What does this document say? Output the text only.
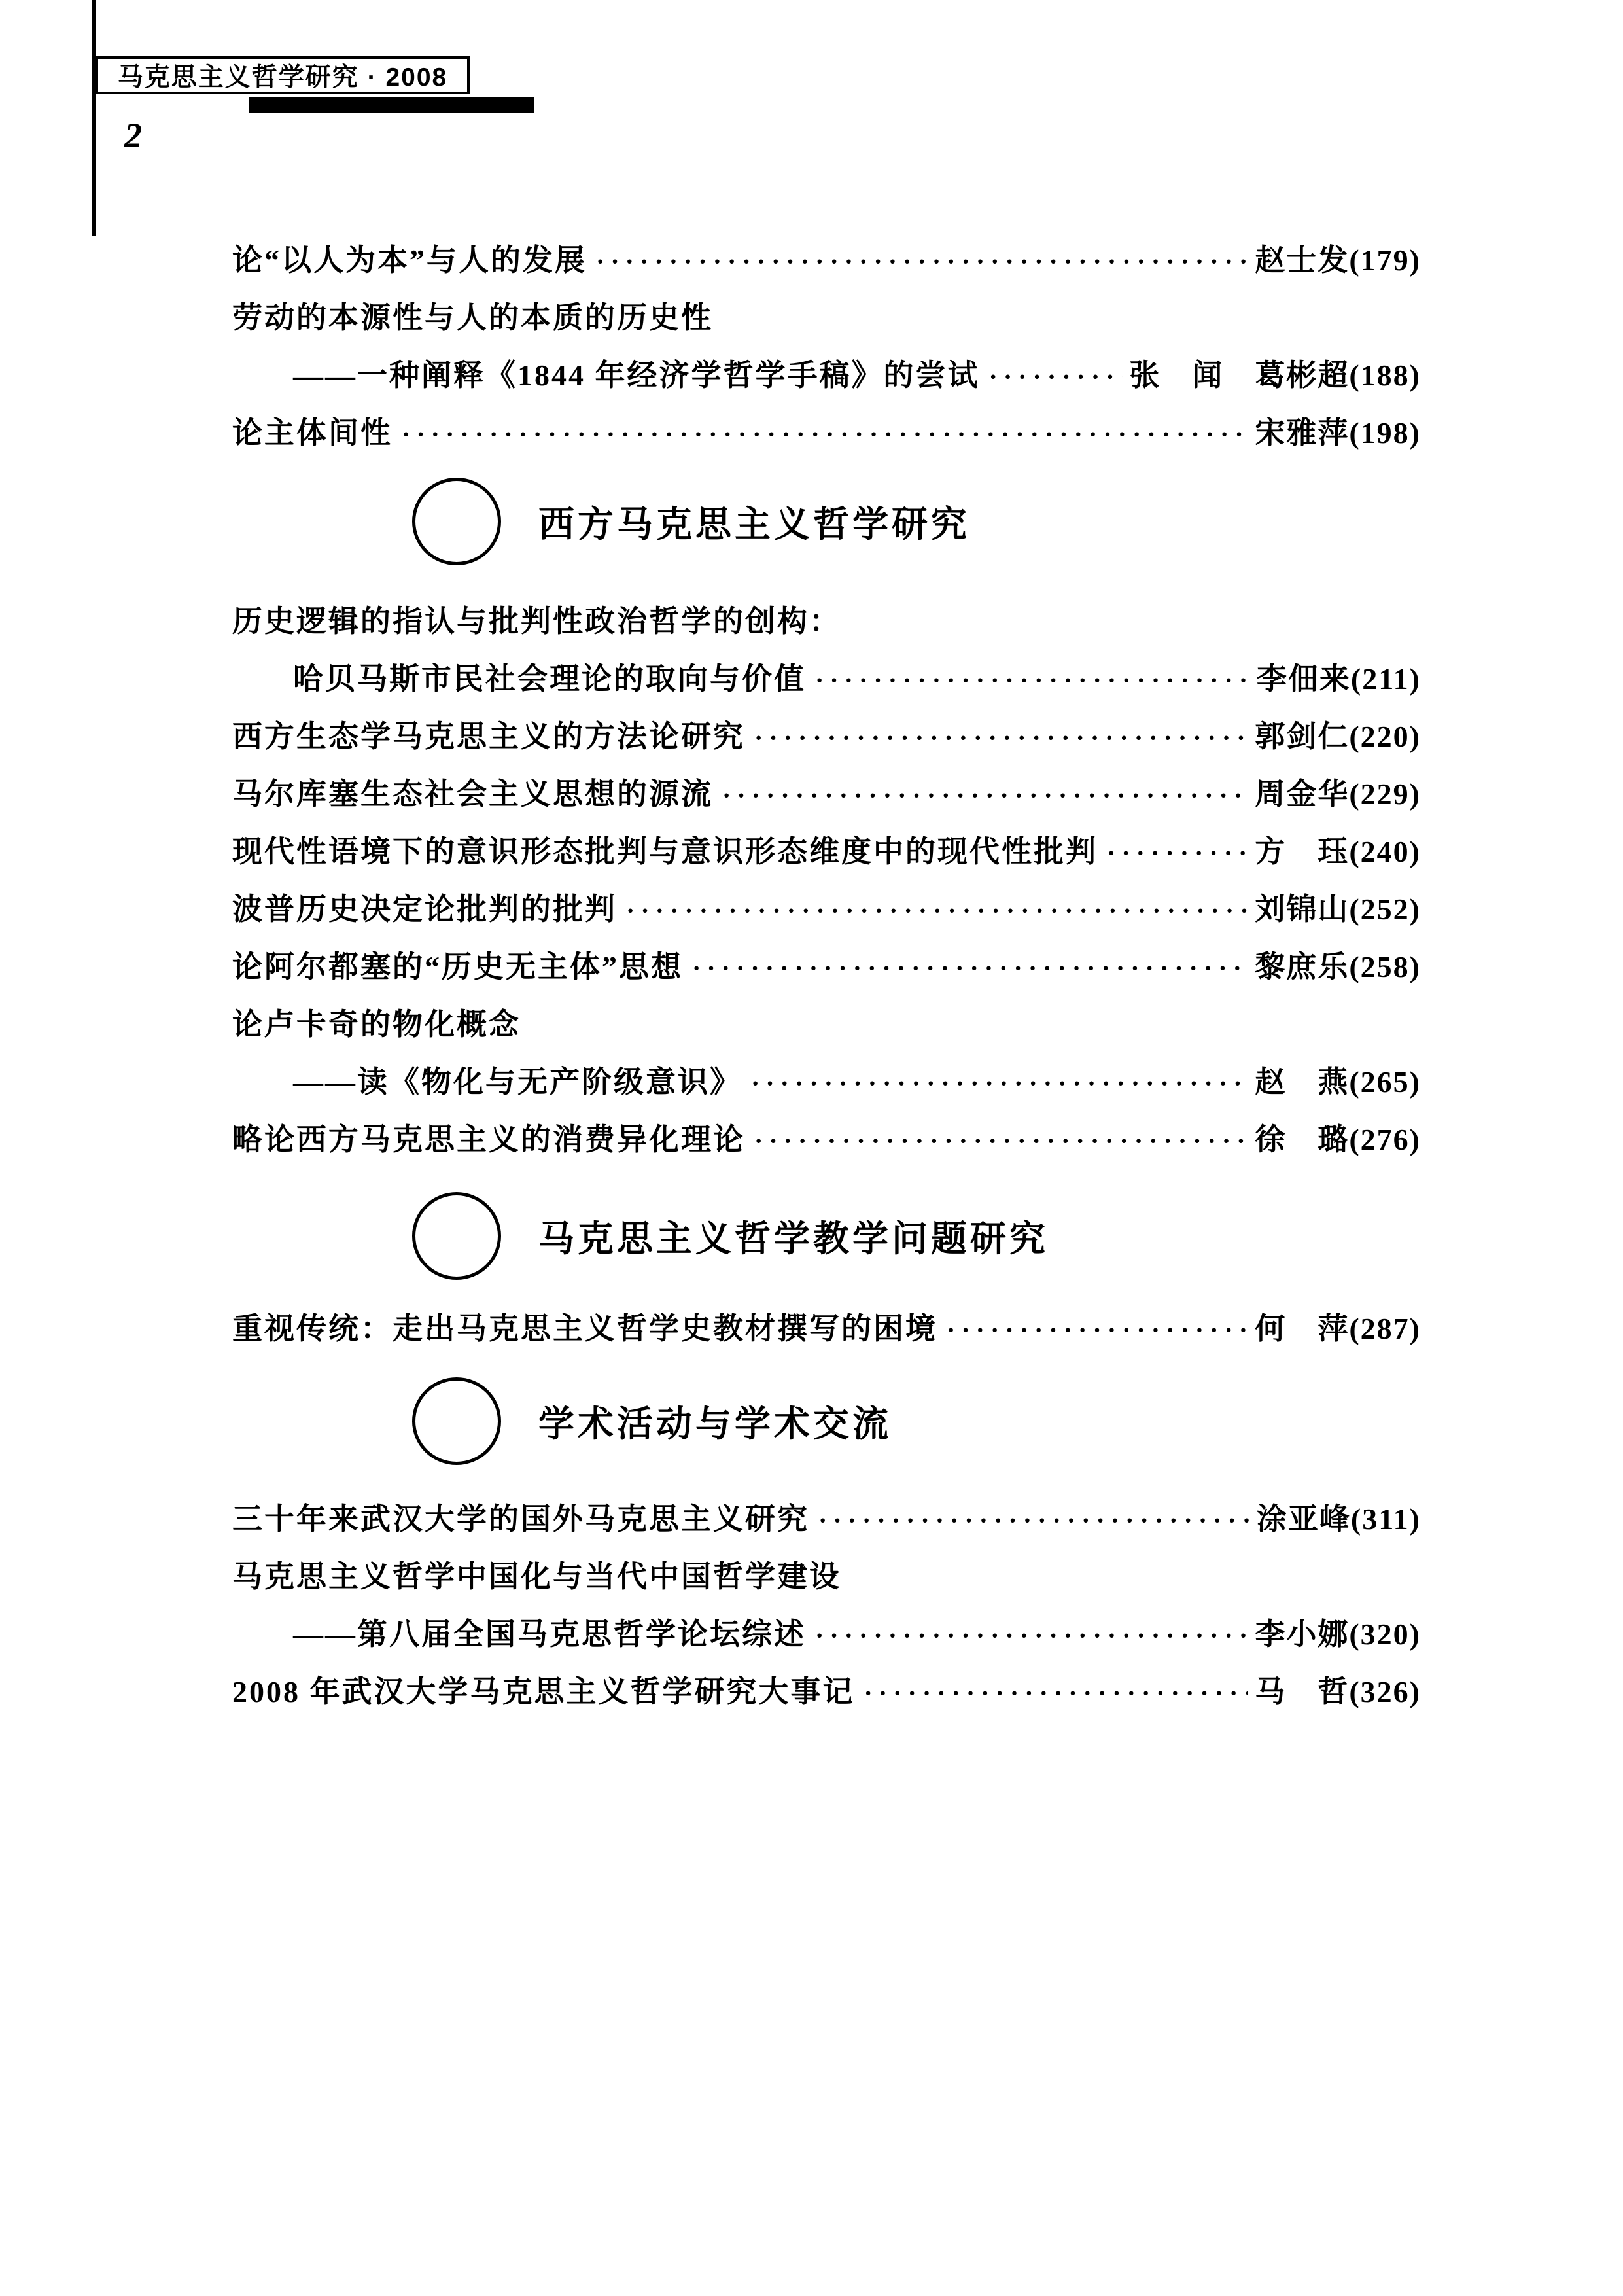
马克思主义哲学研究 · 2008
2
论“以人为本”与人的发展 ·····	赵士发(179)
劳动的本源性与人的本质的历史性
——一种阐释《1844 年经济学哲学手稿》的尝试 ·····	张　闻　葛彬超(188)
论主体间性 ·····	宋雅萍(198)
西方马克思主义哲学研究
历史逻辑的指认与批判性政治哲学的创构：
哈贝马斯市民社会理论的取向与价值 ·····	李佃来(211)
西方生态学马克思主义的方法论研究 ·····	郭剑仁(220)
马尔库塞生态社会主义思想的源流 ·····	周金华(229)
现代性语境下的意识形态批判与意识形态维度中的现代性批判 ·····	方　珏(240)
波普历史决定论批判的批判 ·····	刘锦山(252)
论阿尔都塞的“历史无主体”思想 ·····	黎庶乐(258)
论卢卡奇的物化概念
——读《物化与无产阶级意识》 ·····	赵　燕(265)
略论西方马克思主义的消费异化理论 ·····	徐　璐(276)
马克思主义哲学教学问题研究
重视传统：走出马克思主义哲学史教材撰写的困境 ·····	何　萍(287)
学术活动与学术交流
三十年来武汉大学的国外马克思主义研究 ·····	涂亚峰(311)
马克思主义哲学中国化与当代中国哲学建设
——第八届全国马克思哲学论坛综述 ·····	李小娜(320)
2008 年武汉大学马克思主义哲学研究大事记 ·····	马　哲(326)
